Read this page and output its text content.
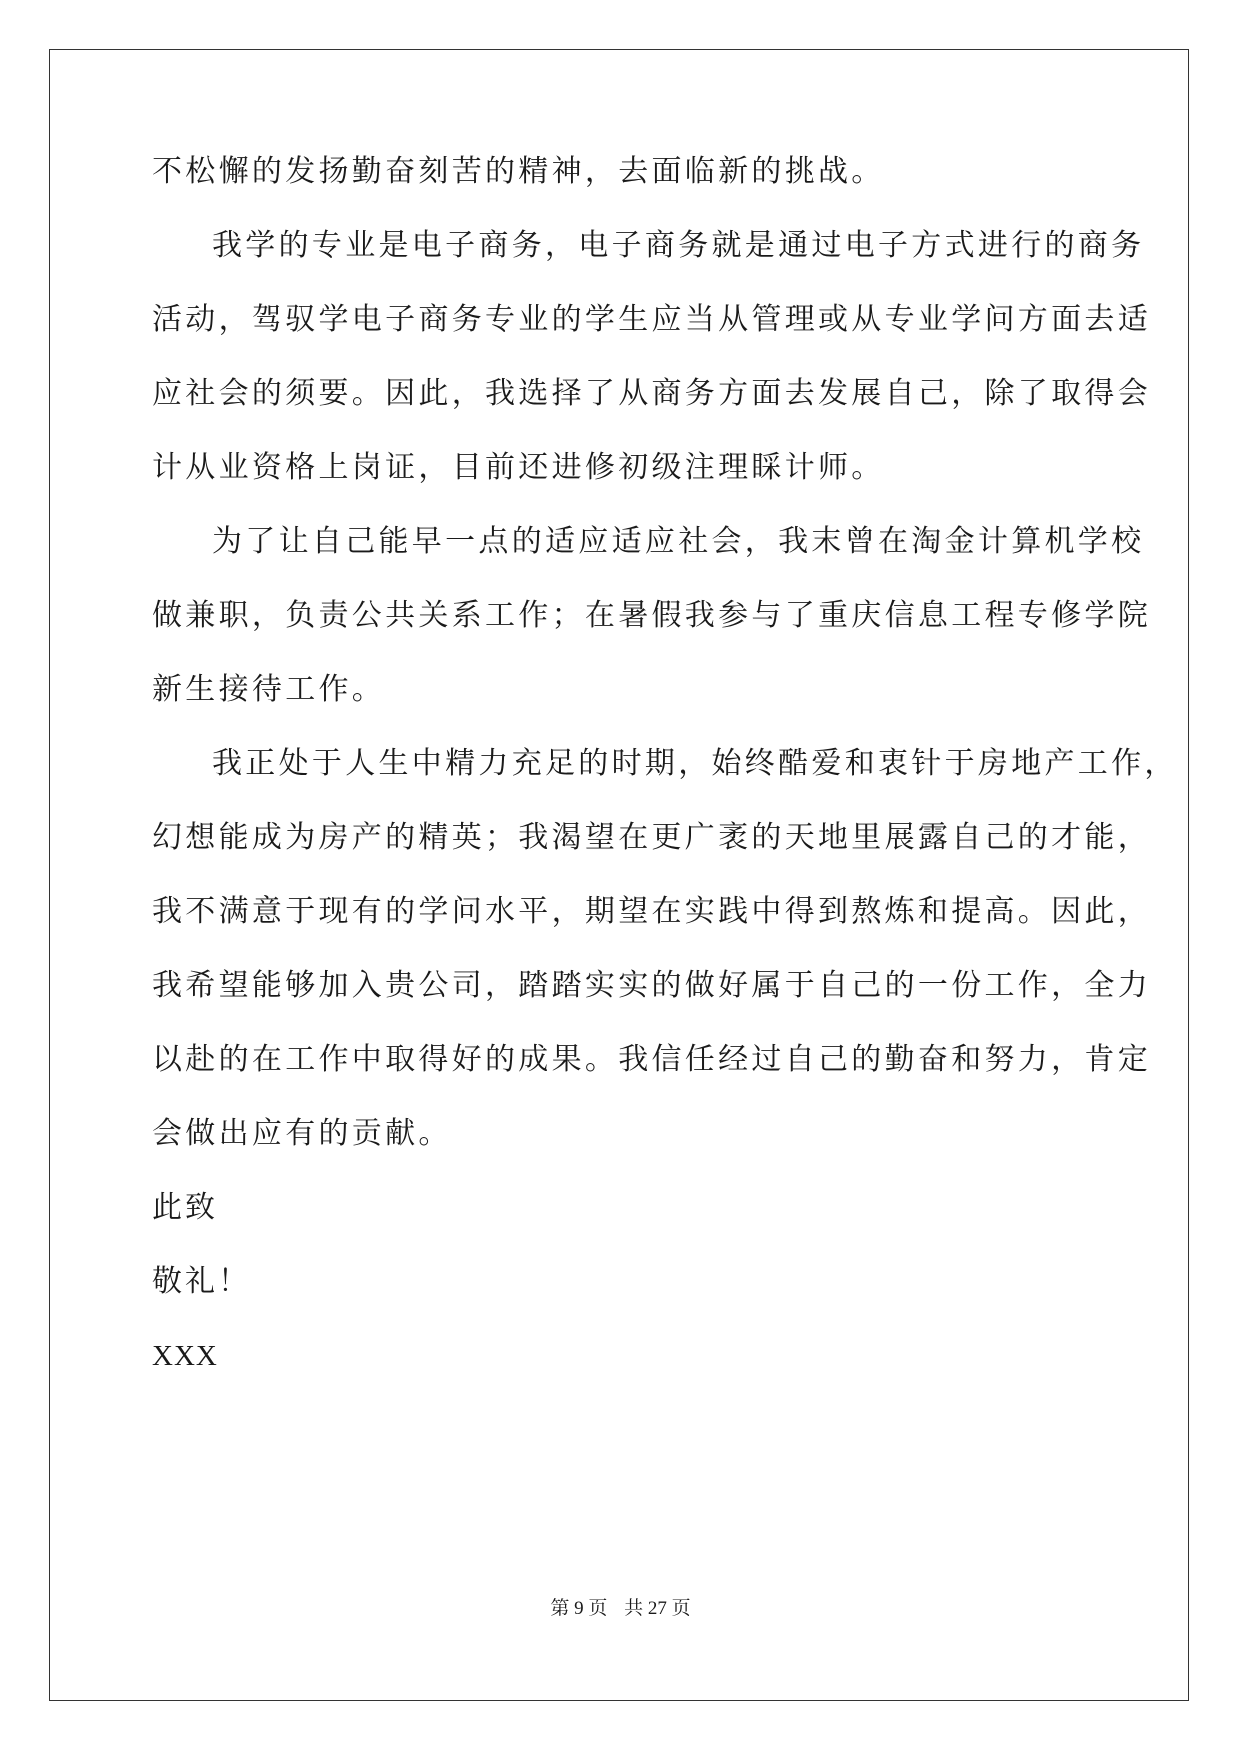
不松懈的发扬勤奋刻苦的精神，去面临新的挑战。
我学的专业是电子商务，电子商务就是通过电子方式进行的商务
活动，驾驭学电子商务专业的学生应当从管理或从专业学问方面去适
应社会的须要。因此，我选择了从商务方面去发展自己，除了取得会
计从业资格上岗证，目前还进修初级注理睬计师。
为了让自己能早一点的适应适应社会，我末曾在淘金计算机学校
做兼职，负责公共关系工作；在暑假我参与了重庆信息工程专修学院
新生接待工作。
我正处于人生中精力充足的时期，始终酷爱和衷针于房地产工作，
幻想能成为房产的精英；我渴望在更广袤的天地里展露自己的才能，
我不满意于现有的学问水平，期望在实践中得到熬炼和提高。因此，
我希望能够加入贵公司，踏踏实实的做好属于自己的一份工作，全力
以赴的在工作中取得好的成果。我信任经过自己的勤奋和努力，肯定
会做出应有的贡献。
此致
敬礼！
XXX
第 9 页 共 27 页
